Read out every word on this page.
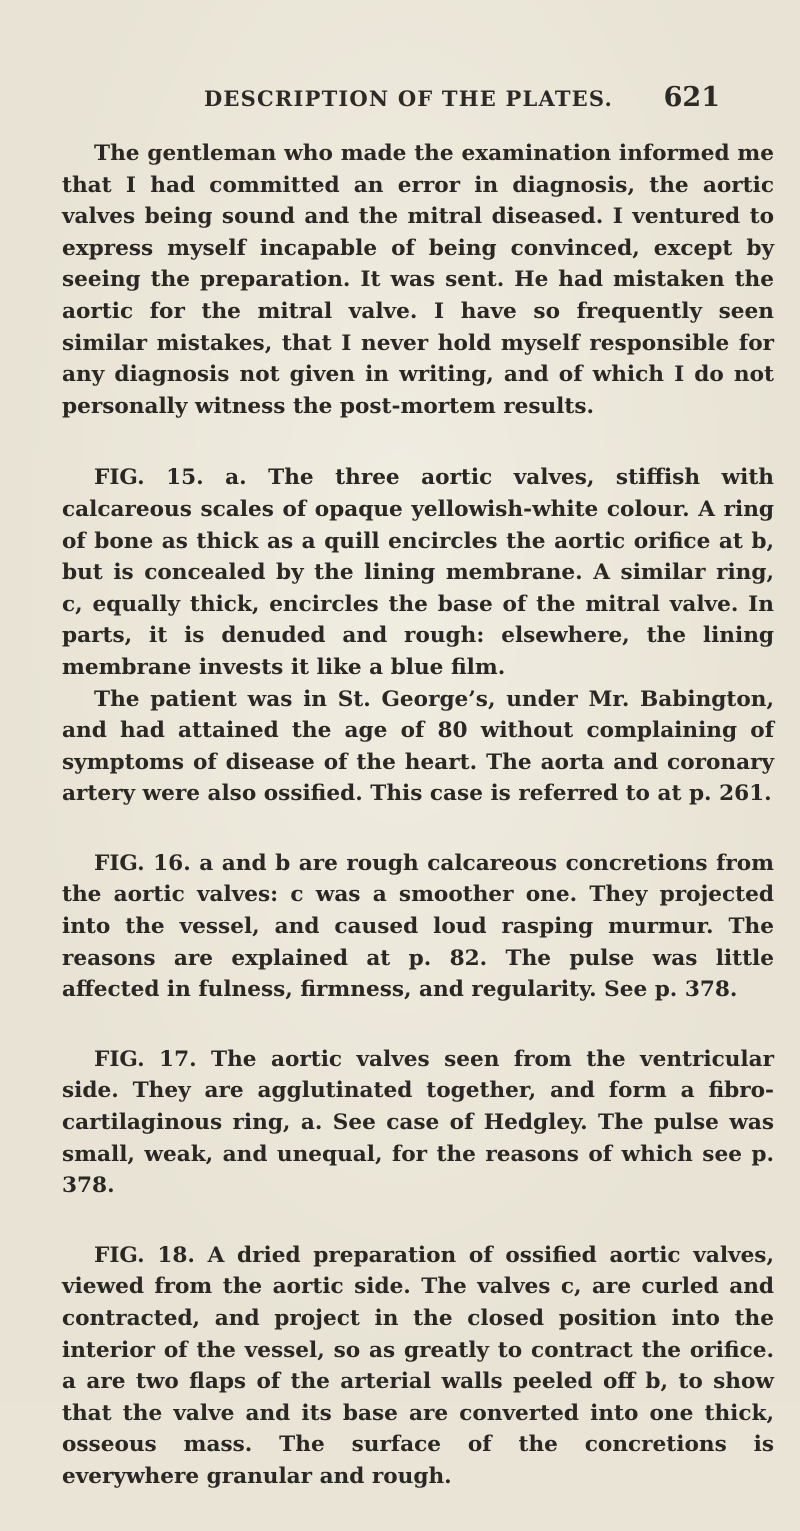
DESCRIPTION OF THE PLATES. 621

The gentleman who made the examination informed me that I had committed an error in diagnosis, the aortic valves being sound and the mitral diseased. I ventured to express myself incapable of being convinced, except by seeing the preparation. It was sent. He had mistaken the aortic for the mitral valve. I have so frequently seen similar mistakes, that I never hold myself responsible for any diagnosis not given in writing, and of which I do not personally witness the post-mortem results.

FIG. 15. a. The three aortic valves, stiffish with calcareous scales of opaque yellowish-white colour. A ring of bone as thick as a quill encircles the aortic orifice at b, but is concealed by the lining membrane. A similar ring, c, equally thick, encircles the base of the mitral valve. In parts, it is denuded and rough: elsewhere, the lining membrane invests it like a blue film.

The patient was in St. George’s, under Mr. Babington, and had attained the age of 80 without complaining of symptoms of disease of the heart. The aorta and coronary artery were also ossified. This case is referred to at p. 261.

FIG. 16. a and b are rough calcareous concretions from the aortic valves: c was a smoother one. They projected into the vessel, and caused loud rasping murmur. The reasons are explained at p. 82. The pulse was little affected in fulness, firmness, and regularity. See p. 378.

FIG. 17. The aortic valves seen from the ventricular side. They are agglutinated together, and form a fibro-cartilaginous ring, a. See case of Hedgley. The pulse was small, weak, and unequal, for the reasons of which see p. 378.

FIG. 18. A dried preparation of ossified aortic valves, viewed from the aortic side. The valves c, are curled and contracted, and project in the closed position into the interior of the vessel, so as greatly to contract the orifice. a are two flaps of the arterial walls peeled off b, to show that the valve and its base are converted into one thick, osseous mass. The surface of the concretions is everywhere granular and rough.
